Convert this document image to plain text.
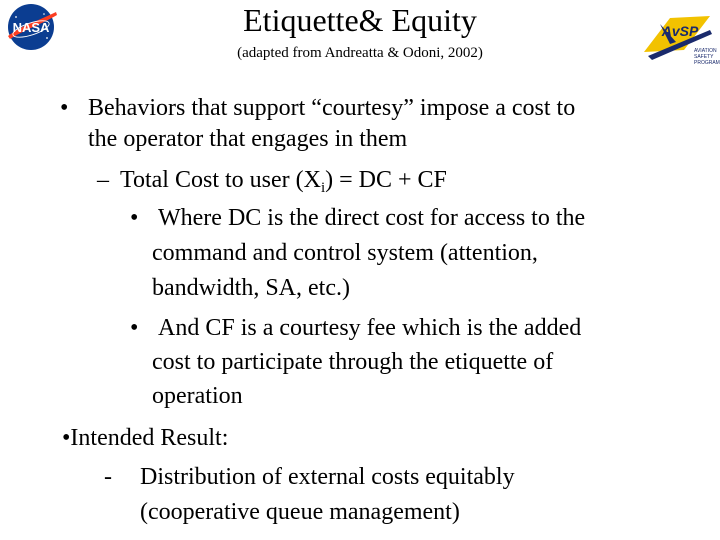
NASA	AvSP
AVIATION
SAFETY
PROGRAM
Etiquette& Equity
(adapted from Andreatta & Odoni, 2002)
• Behaviors that support “courtesy” impose a cost to
the operator that engages in them
– Total Cost to user $(X_i)$ = DC + CF
• Where DC is the direct cost for access to the
command and control system (attention,
bandwidth, SA, etc.)
• And CF is a courtesy fee which is the added
cost to participate through the etiquette of
operation
•Intended Result:
- Distribution of external costs equitably
(cooperative queue management)
